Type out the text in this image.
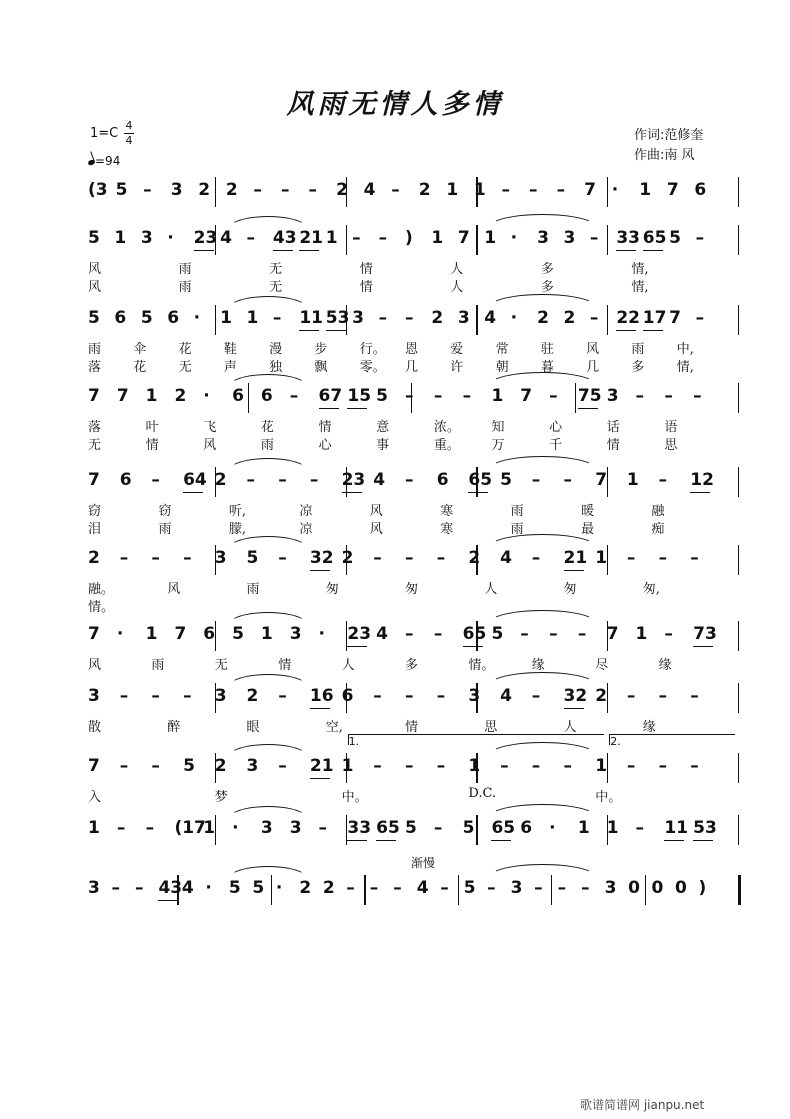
风雨无情人多情
1=C
4
4
=94
作词:范修奎
作曲:南 风
(3 5 – 3 2 2 – – – 2 4 – 2 1 1 – – – 7 · 1 7 6
5 1 3 · 23 4 – 43 21 1 – – ) 1 7 1 · 3 3 – 33 65 5 –
风	雨	无	情	人	多	情,
风	雨	无	情	人	多	情,
5 6 5 6 · 1 1 – 11 53 3 – – 2 3 4 · 2 2 – 22 17 7 –
雨 伞 花 鞋 漫 步 行。 恩 爱 常 驻 风 雨 中,
落 花 无 声 独 飘 零。 几 许 朝 暮 几 多 情,
7 7 1 2 · 6 6 – 67 15 5 – – – 1 7 – 75 3 – – –
落	叶	飞	花	情	意	浓。 知	心	话	语
无	情	风	雨	心	事	重。 万	千	情	思
7 6 – 64 2 – – – 23 4 – 6 65 5 – – 7 1 – 12
窃	窃	听,	凉	风	寒	雨	暖	融
泪	雨	朦,	凉	风	寒	雨	最	痴
2 – – – 3 5 – 32 2 – – – 2 4 – 21 1 – – –
融。	风	雨	匆	匆	人	匆	匆,
情。
7 · 1 7 6 5 1 3 · 23 4 – – 65 5 – – – 7 1 – 73
风	雨	无	情	人	多	情。	缘	尽	缘
3 – – – 3 2 – 16 6 – – – 3 4 – 32 2 – – –
散	醉	眼	空,	情	思	人	缘
7 – – 5 2 3 – 21 1 – – – 1 – – – 1 – – –
入	梦	中。	D.C.	中。
1.	2.
1 – – (17
1 · 3 3 – 33 65 5 – 5 65 6 · 1 1 – 11 53
3 – – 43 4 · 5 5 · 2 2 – – – 4 – 5 – 3 – – – 3 0 0 0 )
渐慢
歌谱简谱网 jianpu.net
